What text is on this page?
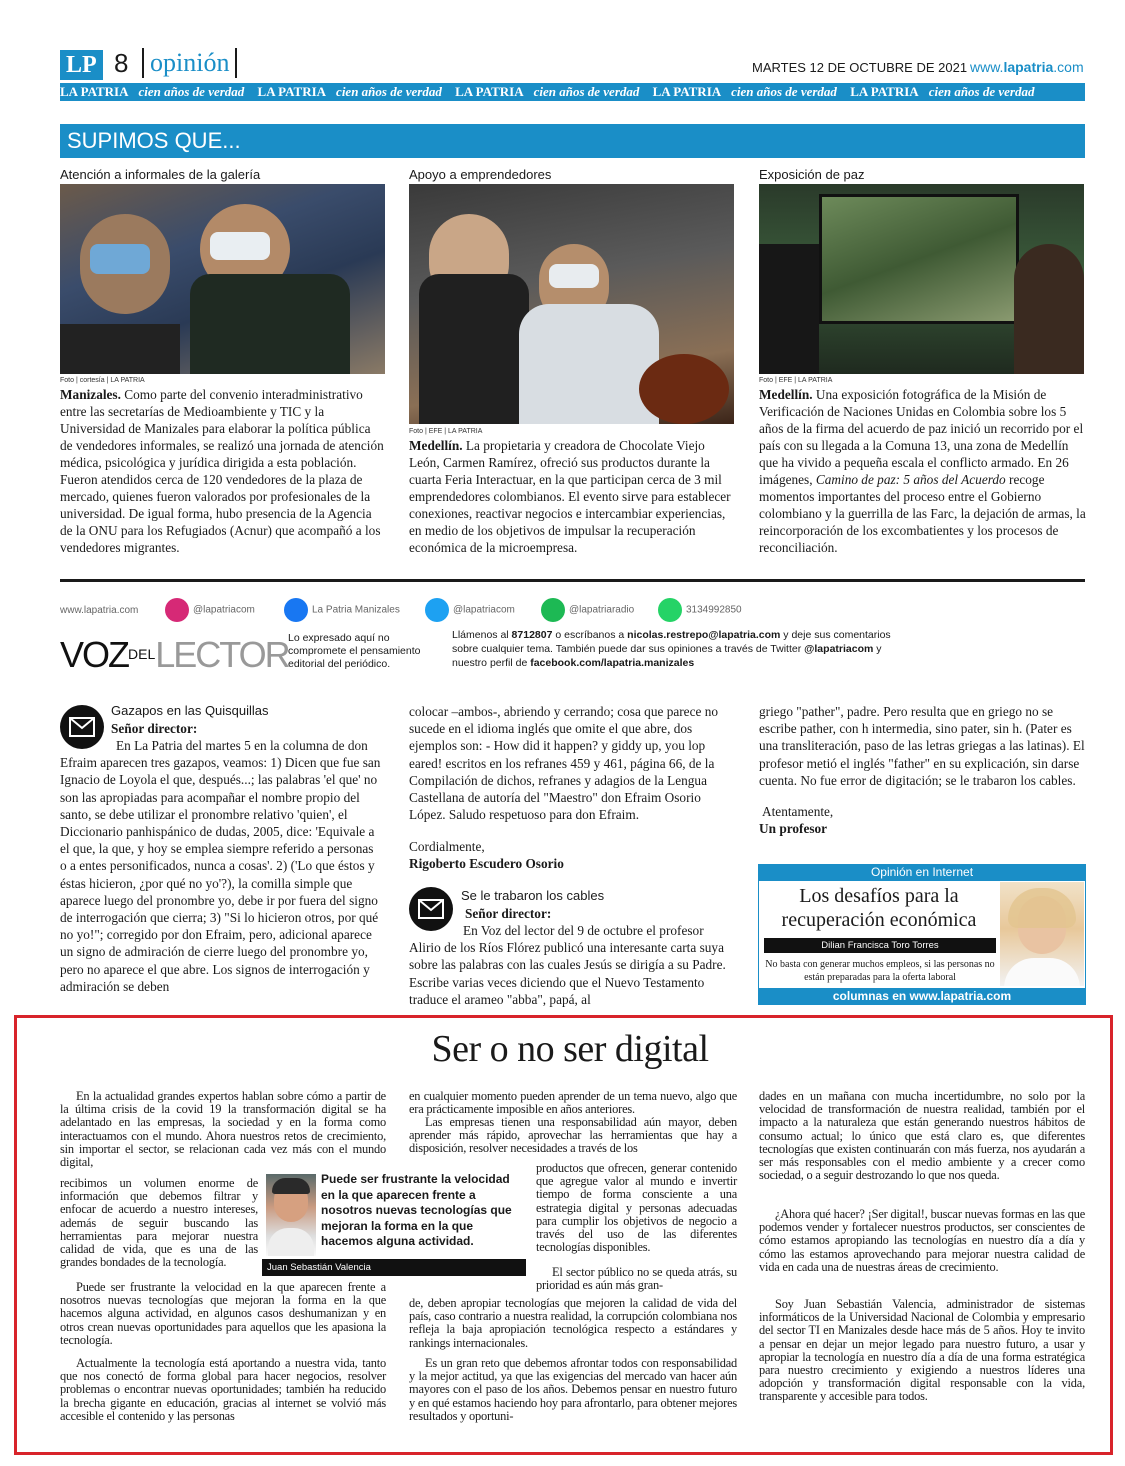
LP 8 opinión	MARTES 12 DE OCTUBRE DE 2021 www.lapatria.com
LA PATRIA cien años de verdad LA PATRIA cien años de verdad LA PATRIA cien años de verdad LA PATRIA cien años de verdad LA PATRIA cien años de verdad
SUPIMOS QUE...
Atención a informales de la galería
Foto | cortesía | LA PATRIA
Manizales. Como parte del convenio interadministrativo entre las secretarías de Medioambiente y TIC y la Universidad de Manizales para elaborar la política pública de vendedores informales, se realizó una jornada de atención médica, psicológica y jurídica dirigida a esta población. Fueron atendidos cerca de 120 vendedores de la plaza de mercado, quienes fueron valorados por profesionales de la universidad. De igual forma, hubo presencia de la Agencia de la ONU para los Refugiados (Acnur) que acompañó a los vendedores migrantes.
Apoyo a emprendedores
Foto | EFE | LA PATRIA
Medellín. La propietaria y creadora de Chocolate Viejo León, Carmen Ramírez, ofreció sus productos durante la cuarta Feria Interactuar, en la que participan cerca de 3 mil emprendedores colombianos. El evento sirve para establecer conexiones, reactivar negocios e intercambiar experiencias, en medio de los objetivos de impulsar la recuperación económica de la microempresa.
Exposición de paz
Foto | EFE | LA PATRIA
Medellín. Una exposición fotográfica de la Misión de Verificación de Naciones Unidas en Colombia sobre los 5 años de la firma del acuerdo de paz inició un recorrido por el país con su llegada a la Comuna 13, una zona de Medellín que ha vivido a pequeña escala el conflicto armado. En 26 imágenes, Camino de paz: 5 años del Acuerdo recoge momentos importantes del proceso entre el Gobierno colombiano y la guerrilla de las Farc, la dejación de armas, la reincorporación de los excombatientes y los procesos de reconciliación.
www.lapatria.com	@lapatriacom	La Patria Manizales	@lapatriacom	@lapatriaradio	3134992850
$VOZ^{DEL}LECTOR$ Lo expresado aquí no compromete el pensamiento editorial del periódico.
Llámenos al 8712807 o escríbanos a nicolas.restrepo@lapatria.com y deje sus comentarios sobre cualquier tema. También puede dar sus opiniones a través de Twitter @lapatriacom y nuestro perfil de facebook.com/lapatria.manizales
Gazapos en las Quisquillas
Señor director:
En La Patria del martes 5 en la columna de don Efraim aparecen tres gazapos, veamos: 1) Dicen que fue san Ignacio de Loyola el que, después...; las palabras 'el que' no son las apropiadas para acompañar el nombre propio del santo, se debe utilizar el pronombre relativo 'quien', el Diccionario panhispánico de dudas, 2005, dice: 'Equivale a el que, la que, y hoy se emplea siempre referido a personas o a entes personificados, nunca a cosas'. 2) ('Lo que éstos y éstas hicieron, ¿por qué no yo'?), la comilla simple que aparece luego del pronombre yo, debe ir por fuera del signo de interrogación que cierra; 3) "Si lo hicieron otros, por qué no yo!"; corregido por don Efraim, pero, adicional aparece un signo de admiración de cierre luego del pronombre yo, pero no aparece el que abre. Los signos de interrogación y admiración se deben
colocar –ambos-, abriendo y cerrando; cosa que parece no sucede en el idioma inglés que omite el que abre, dos ejemplos son: - How did it happen? y giddy up, you lop eared! escritos en los refranes 459 y 461, página 66, de la Compilación de dichos, refranes y adagios de la Lengua Castellana de autoría del "Maestro" don Efraim Osorio López. Saludo respetuoso para don Efraim.
Cordialmente,
Rigoberto Escudero Osorio
Se le trabaron los cables
Señor director:
En Voz del lector del 9 de octubre el profesor Alirio de los Ríos Flórez publicó una interesante carta suya sobre las palabras con las cuales Jesús se dirigía a su Padre. Escribe varias veces diciendo que el Nuevo Testamento traduce el arameo "abba", papá, al
griego "pather", padre. Pero resulta que en griego no se escribe pather, con h intermedia, sino pater, sin h. (Pater es una transliteración, paso de las letras griegas a las latinas). El profesor metió el inglés "father" en su explicación, sin darse cuenta. No fue error de digitación; se le trabaron los cables.
Atentamente,
Un profesor
Opinión en Internet
Los desafíos para la recuperación económica
Dilian Francisca Toro Torres
No basta con generar muchos empleos, si las personas no están preparadas para la oferta laboral
columnas en www.lapatria.com
Ser o no ser digital
En la actualidad grandes expertos hablan sobre cómo a partir de la última crisis de la covid 19 la transformación digital se ha adelantado en las empresas, la sociedad y en la forma como interactuamos con el mundo. Ahora nuestros retos de crecimiento, sin importar el sector, se relacionan cada vez más con el mundo digital,
recibimos un volumen enorme de información que debemos filtrar y enfocar de acuerdo a nuestro intereses, además de seguir buscando las herramientas para mejorar nuestra calidad de vida, que es una de las grandes bondades de la tecnología.
Puede ser frustrante la velocidad en la que aparecen frente a nosotros nuevas tecnologías que mejoran la forma en la que hacemos alguna actividad, en algunos casos deshumanizan y en otros crean nuevas oportunidades para aquellos que les apasiona la tecnología.
Actualmente la tecnología está aportando a nuestra vida, tanto que nos conectó de forma global para hacer negocios, resolver problemas o encontrar nuevas oportunidades; también ha reducido la brecha gigante en educación, gracias al internet se volvió más accesible el contenido y las personas
en cualquier momento pueden aprender de un tema nuevo, algo que era prácticamente imposible en años anteriores.
Las empresas tienen una responsabilidad aún mayor, deben aprender más rápido, aprovechar las herramientas que hay a disposición, resolver necesidades a través de los
productos que ofrecen, generar contenido que agregue valor al mundo e invertir tiempo de forma consciente a una estrategia digital y personas adecuadas para cumplir los objetivos de negocio a través del uso de las diferentes tecnologías disponibles.
El sector público no se queda atrás, su prioridad es aún más gran-
de, deben apropiar tecnologías que mejoren la calidad de vida del país, caso contrario a nuestra realidad, la corrupción colombiana nos refleja la baja apropiación tecnológica respecto a estándares y rankings internacionales.
Es un gran reto que debemos afrontar todos con responsabilidad y la mejor actitud, ya que las exigencias del mercado van hacer aún mayores con el paso de los años. Debemos pensar en nuestro futuro y en qué estamos haciendo hoy para afrontarlo, para obtener mejores resultados y oportuni-
dades en un mañana con mucha incertidumbre, no solo por la velocidad de transformación de nuestra realidad, también por el impacto a la naturaleza que están generando nuestros hábitos de consumo actual; lo único que está claro es, que diferentes tecnologías que existen continuarán con más fuerza, nos ayudarán a ser más responsables con el medio ambiente y a crecer como sociedad, o a seguir destrozando lo que nos queda.
¿Ahora qué hacer? ¡Ser digital!, buscar nuevas formas en las que podemos vender y fortalecer nuestros productos, ser conscientes de cómo estamos apropiando las tecnologías en nuestro día a día y cómo las estamos aprovechando para mejorar nuestra calidad de vida en cada una de nuestras áreas de crecimiento.
Soy Juan Sebastián Valencia, administrador de sistemas informáticos de la Universidad Nacional de Colombia y empresario del sector TI en Manizales desde hace más de 5 años. Hoy te invito a pensar en dejar un mejor legado para nuestro futuro, a usar y apropiar la tecnología en nuestro día a día de una forma estratégica para nuestro crecimiento y exigiendo a nuestros líderes una adopción y transformación digital responsable con la vida, transparente y accesible para todos.
Puede ser frustrante la velocidad en la que aparecen frente a nosotros nuevas tecnologías que mejoran la forma en la que hacemos alguna actividad.
Juan Sebastián Valencia
